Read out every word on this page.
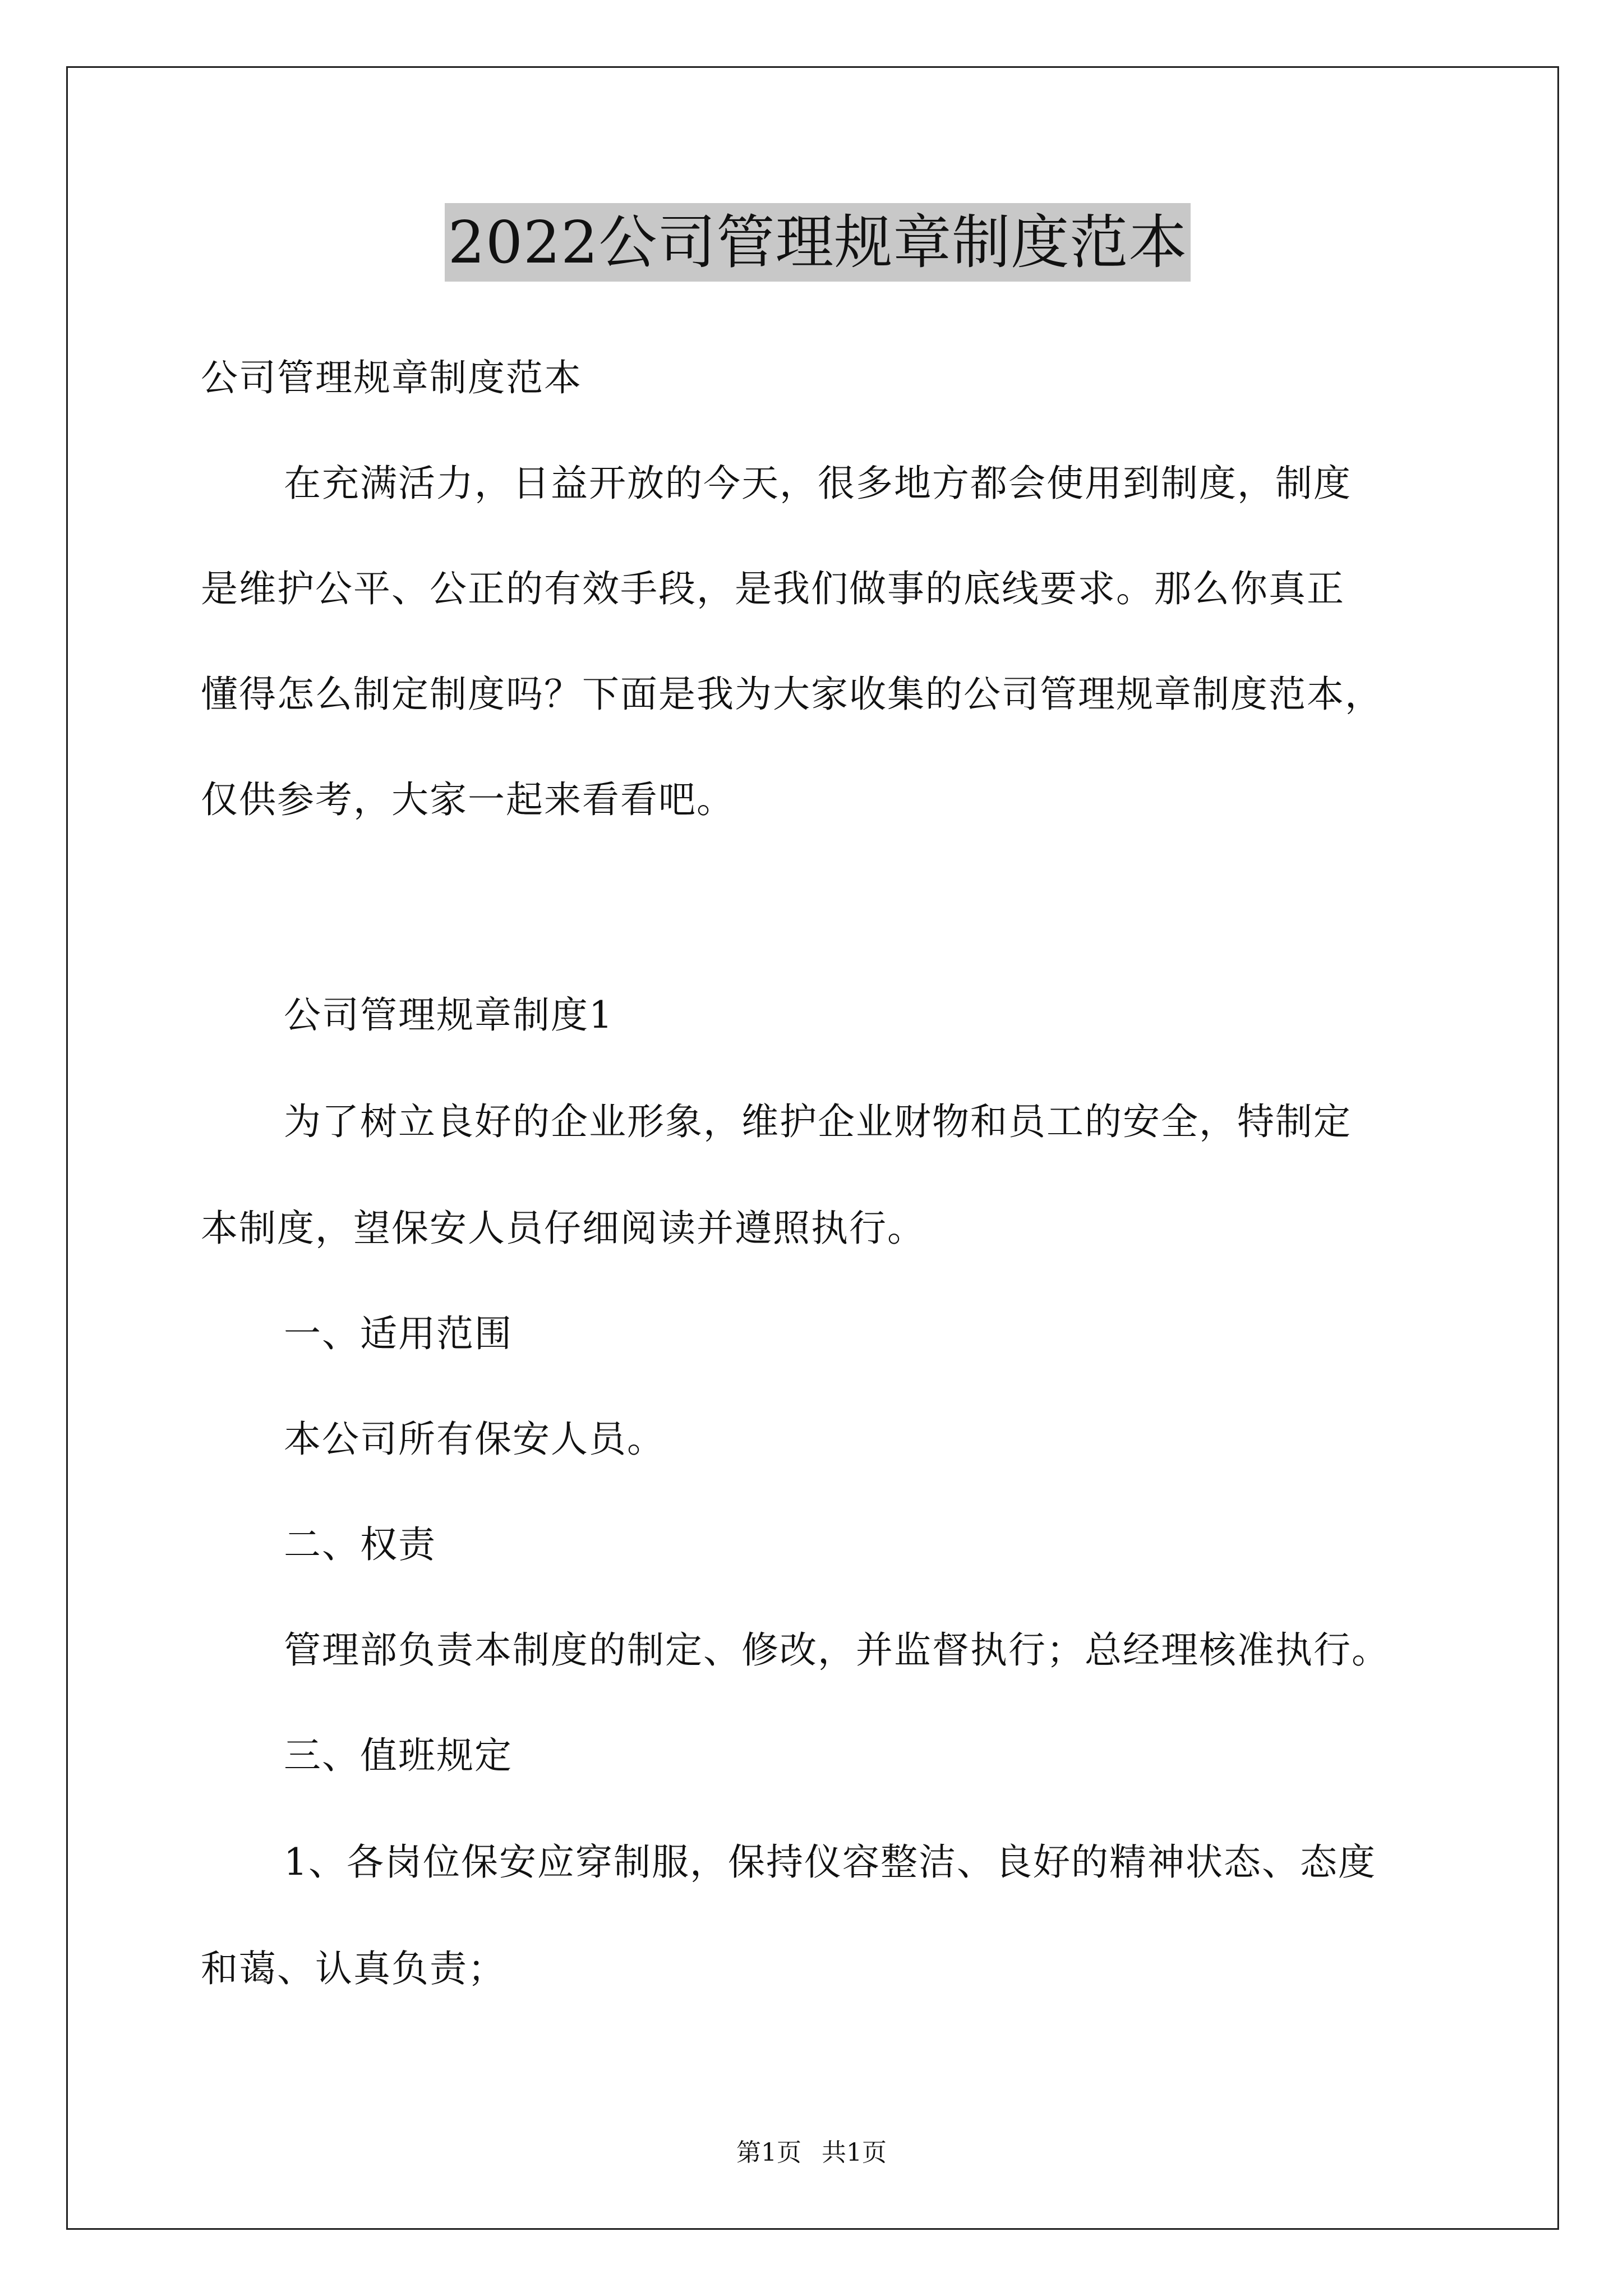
2022公司管理规章制度范本
公司管理规章制度范本
在充满活力，日益开放的今天，很多地方都会使用到制度，制度
是维护公平、公正的有效手段，是我们做事的底线要求。那么你真正
懂得怎么制定制度吗？下面是我为大家收集的公司管理规章制度范本，
仅供参考，大家一起来看看吧。
公司管理规章制度1
为了树立良好的企业形象，维护企业财物和员工的安全，特制定
本制度，望保安人员仔细阅读并遵照执行。
一、适用范围
本公司所有保安人员。
二、权责
管理部负责本制度的制定、修改，并监督执行；总经理核准执行。
三、值班规定
1、各岗位保安应穿制服，保持仪容整洁、良好的精神状态、态度
和蔼、认真负责；
第1页 共1页
